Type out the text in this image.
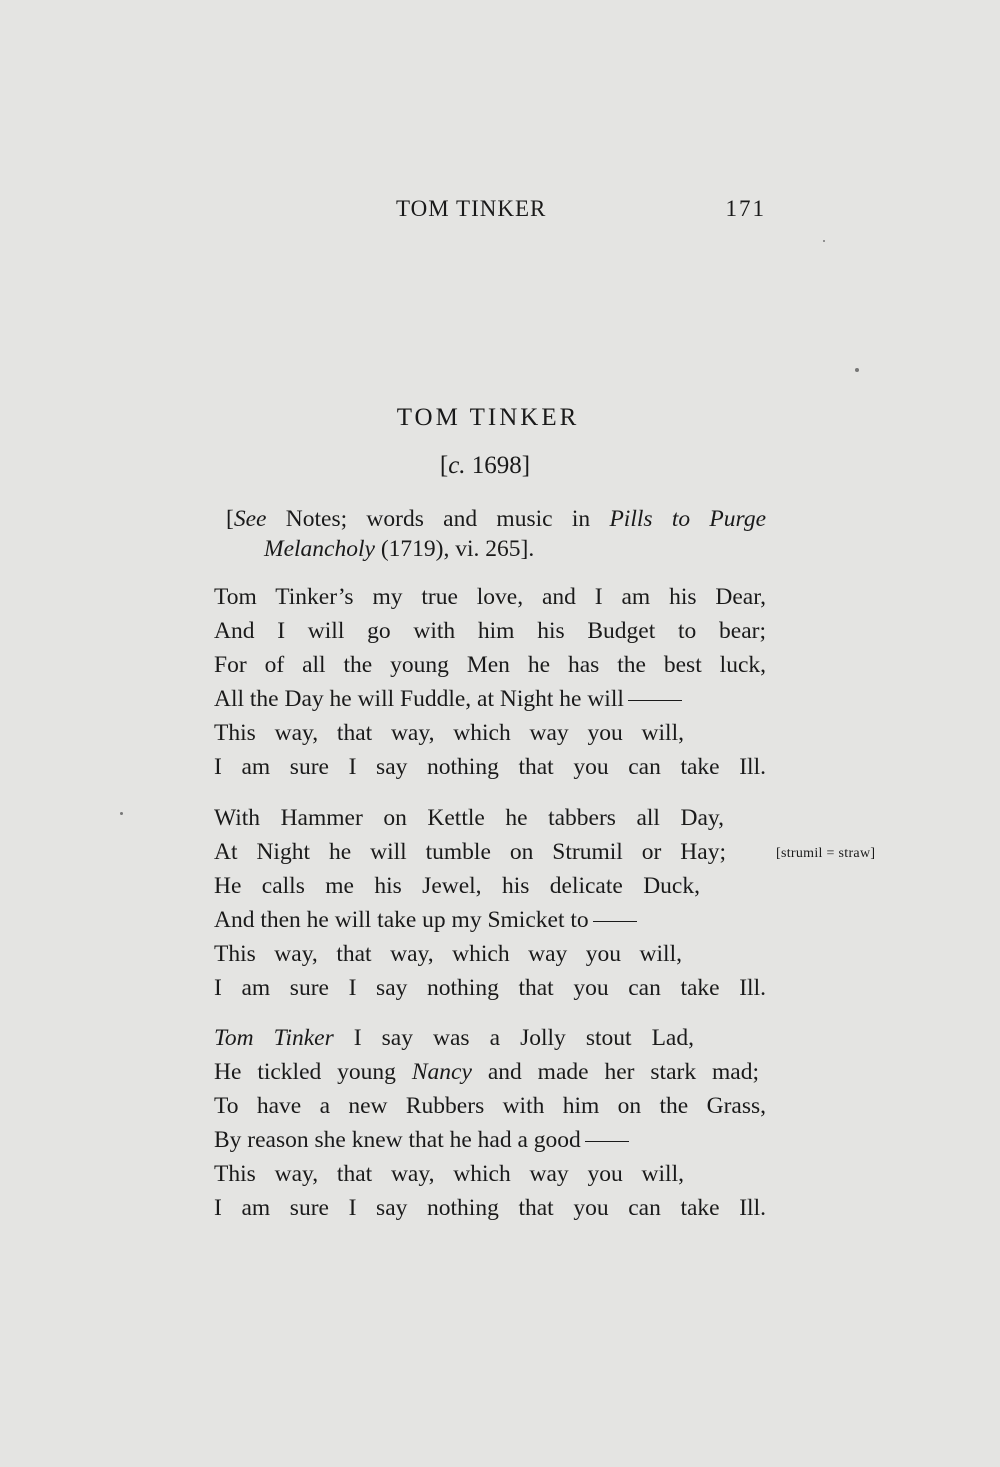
TOM TINKER	171
TOM TINKER
[c. 1698]
[See Notes; words and music in Pills to Purge
Melancholy (1719), vi. 265].
Tom Tinker’s my true love, and I am his Dear,
And I will go with him his Budget to bear;
For of all the young Men he has the best luck,
All the Day he will Fuddle, at Night he will
This way, that way, which way you will,
I am sure I say nothing that you can take Ill.
With Hammer on Kettle he tabbers all Day,
At Night he will tumble on Strumil or Hay;
He calls me his Jewel, his delicate Duck,
And then he will take up my Smicket to
This way, that way, which way you will,
I am sure I say nothing that you can take Ill.
Tom Tinker I say was a Jolly stout Lad,
He tickled young Nancy and made her stark mad;
To have a new Rubbers with him on the Grass,
By reason she knew that he had a good
This way, that way, which way you will,
I am sure I say nothing that you can take Ill.
[strumil = straw]
